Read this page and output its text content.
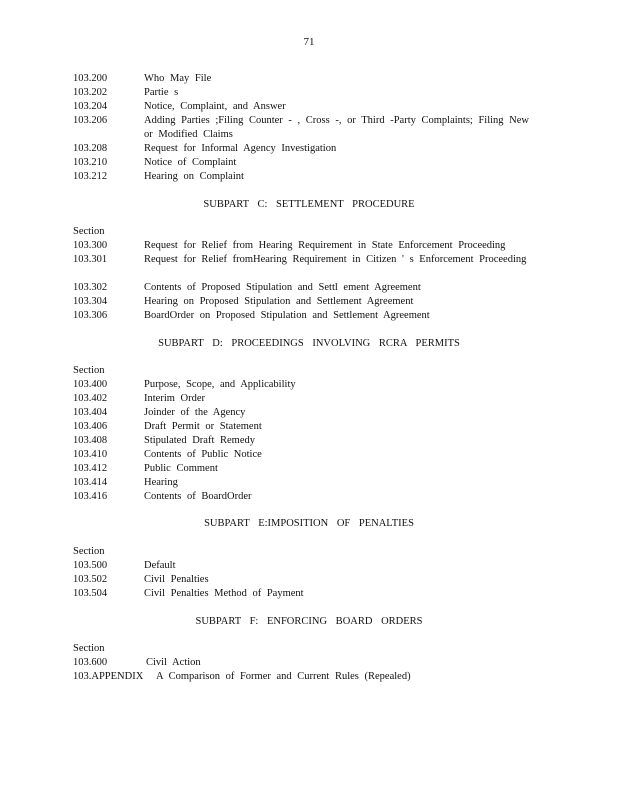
71
103.200	Who May File
103.202	Partie s
103.204	Notice, Complaint, and Answer
103.206	Adding Parties ;Filing Counter - , Cross -, or Third -Party Complaints; Filing New or Modified Claims
103.208	Request for Informal Agency Investigation
103.210	Notice of Complaint
103.212	Hearing on Complaint
SUBPART C: SETTLEMENT PROCEDURE
Section
103.300	Request for Relief from Hearing Requirement in State Enforcement Proceeding
103.301	Request for Relief fromHearing Requirement in Citizen ' s Enforcement Proceeding
103.302	Contents of Proposed Stipulation and Settl ement Agreement
103.304	Hearing on Proposed Stipulation and Settlement Agreement
103.306	BoardOrder on Proposed Stipulation and Settlement Agreement
SUBPART D: PROCEEDINGS INVOLVING RCRA PERMITS
Section
103.400	Purpose, Scope, and Applicability
103.402	Interim Order
103.404	Joinder of the Agency
103.406	Draft Permit or Statement
103.408	Stipulated Draft Remedy
103.410	Contents of Public Notice
103.412	Public Comment
103.414	Hearing
103.416	Contents of BoardOrder
SUBPART E:IMPOSITION OF PENALTIES
Section
103.500	Default
103.502	Civil Penalties
103.504	Civil Penalties Method of Payment
SUBPART F: ENFORCING BOARD ORDERS
Section
103.600	Civil Action
103.APPENDIX A Comparison of Former and Current Rules (Repealed)
